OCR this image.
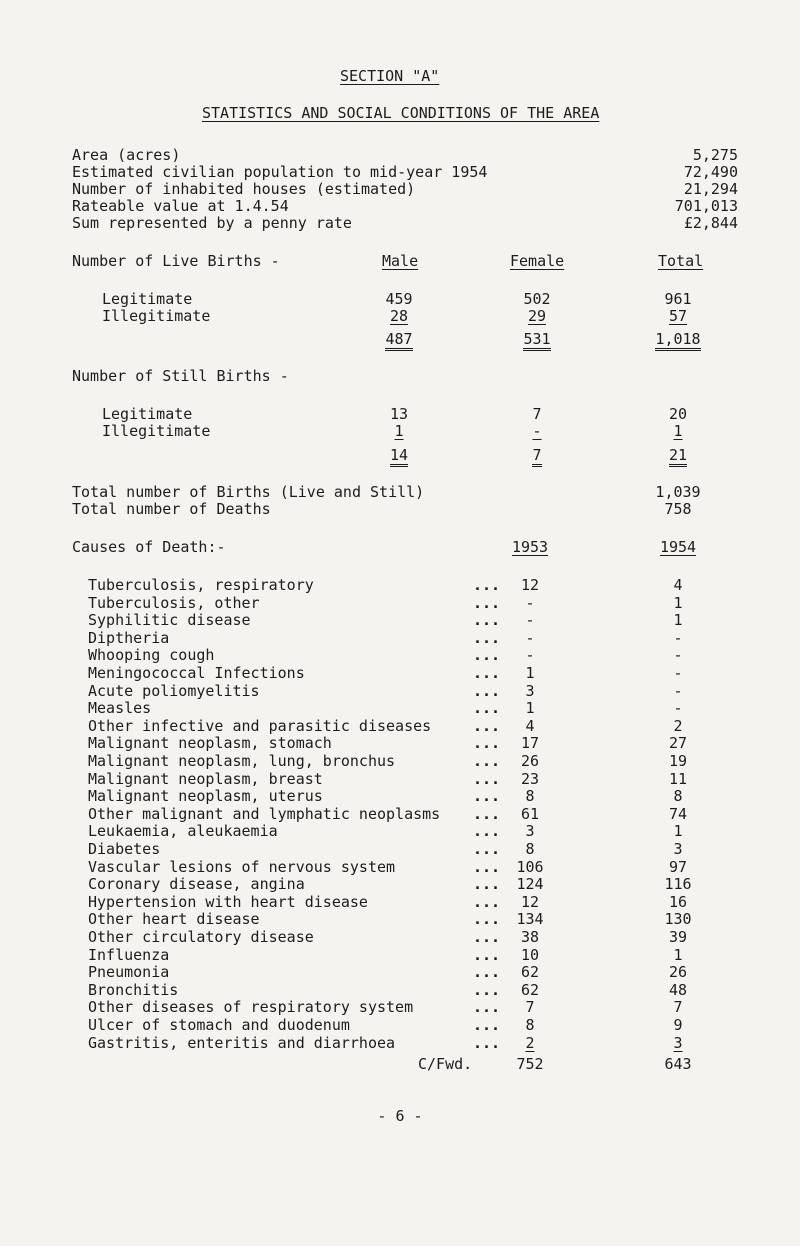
SECTION "A"
STATISTICS AND SOCIAL CONDITIONS OF THE AREA
Area (acres)	5,275
Estimated civilian population to mid-year 1954	72,490
Number of inhabited houses (estimated)	21,294
Rateable value at 1.4.54	701,013
Sum represented by a penny rate	£2,844
Number of Live Births -	Male	Female	Total
Legitimate	459	502	961
Illegitimate	28	29	57
487	531	1,018
Number of Still Births -
Legitimate	13	7	20
Illegitimate	1	-	1
14	7	21
Total number of Births (Live and Still)	1,039
Total number of Deaths	758
Causes of Death:-	1953	1954
Tuberculosis, respiratory	...	12	4
Tuberculosis, other	...	-	1
Syphilitic disease	...	-	1
Diptheria	...	-	-
Whooping cough	...	-	-
Meningococcal Infections	...	1	-
Acute poliomyelitis	...	3	-
Measles	...	1	-
Other infective and parasitic diseases	...	4	2
Malignant neoplasm, stomach	...	17	27
Malignant neoplasm, lung, bronchus	...	26	19
Malignant neoplasm, breast	...	23	11
Malignant neoplasm, uterus	...	8	8
Other malignant and lymphatic neoplasms ...	61	74
Leukaemia, aleukaemia	...	3	1
Diabetes	...	8	3
Vascular lesions of nervous system	...	106	97
Coronary disease, angina	...	124	116
Hypertension with heart disease	...	12	16
Other heart disease	...	134	130
Other circulatory disease	...	38	39
Influenza	...	10	1
Pneumonia	...	62	26
Bronchitis	...	62	48
Other diseases of respiratory system	...	7	7
Ulcer of stomach and duodenum	...	8	9
Gastritis, enteritis and diarrhoea	...	2	3
C/Fwd.	752	643
- 6 -
